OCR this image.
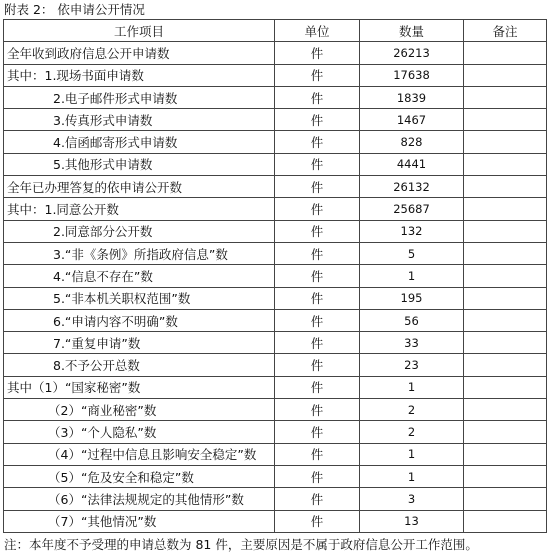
附表 2： 依申请公开情况
工作项目	单位	数量	备注
全年收到政府信息公开申请数	件	26213	
其中：1.现场书面申请数	件	17638	
2.电子邮件形式申请数	件	1839	
3.传真形式申请数	件	1467	
4.信函邮寄形式申请数	件	828	
5.其他形式申请数	件	4441	
全年已办理答复的依申请公开数	件	26132	
其中：1.同意公开数	件	25687	
2.同意部分公开数	件	132	
3.“非《条例》所指政府信息”数	件	5	
4.“信息不存在”数	件	1	
5.“非本机关职权范围”数	件	195	
6.“申请内容不明确”数	件	56	
7.“重复申请”数	件	33	
8.不予公开总数	件	23	
其中（1）“国家秘密”数	件	1	
（2）“商业秘密”数	件	2	
（3）“个人隐私”数	件	2	
（4）“过程中信息且影响安全稳定”数	件	1	
（5）“危及安全和稳定”数	件	1	
（6）“法律法规规定的其他情形”数	件	3	
（7）“其他情况”数	件	13	
注：本年度不予受理的申请总数为 81 件，主要原因是不属于政府信息公开工作范围。
